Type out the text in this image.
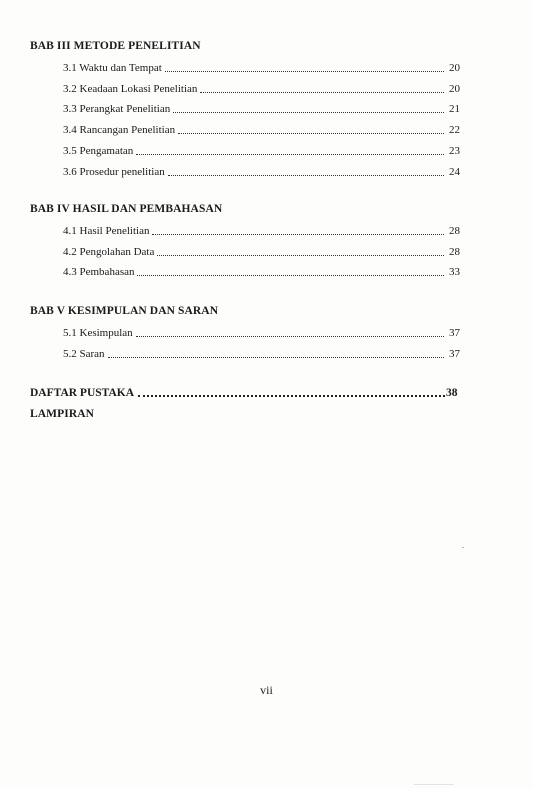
BAB III METODE PENELITIAN
3.1 Waktu dan Tempat	20
3.2 Keadaan Lokasi Penelitian	20
3.3 Perangkat Penelitian	21
3.4 Rancangan Penelitian	22
3.5 Pengamatan	23
3.6 Prosedur penelitian	24
BAB IV HASIL DAN PEMBAHASAN
4.1 Hasil Penelitian	28
4.2 Pengolahan Data	28
4.3 Pembahasan	33
BAB V KESIMPULAN DAN SARAN
5.1 Kesimpulan	37
5.2 Saran	37
DAFTAR PUSTAKA	38
LAMPIRAN
vii
